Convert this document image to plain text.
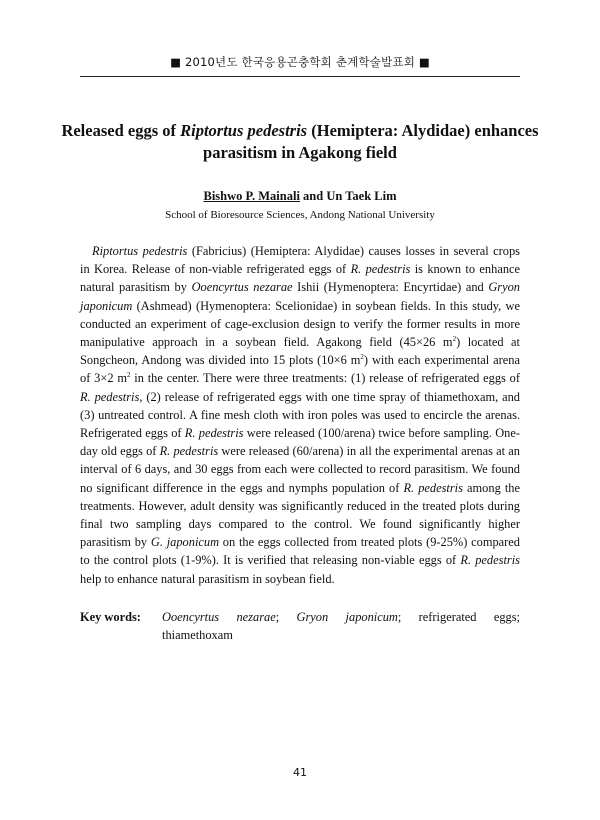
■ 2010년도 한국응용곤충학회 춘계학술발표회 ■
Released eggs of Riptortus pedestris (Hemiptera: Alydidae) enhances parasitism in Agakong field
Bishwo P. Mainali and Un Taek Lim
School of Bioresource Sciences, Andong National University

Riptortus pedestris (Fabricius) (Hemiptera: Alydidae) causes losses in several crops in Korea. Release of non-viable refrigerated eggs of R. pedestris is known to enhance natural parasitism by Ooencyrtus nezarae Ishii (Hymenoptera: Encyrtidae) and Gryon japonicum (Ashmead) (Hymenoptera: Scelionidae) in soybean fields. In this study, we conducted an experiment of cage-exclusion design to verify the former results in more manipulative approach in a soybean field. Agakong field (45×26 $m^2$) located at Songcheon, Andong was divided into 15 plots (10×6 $m^2$) with each experimental arena of 3×2 $m^2$ in the center. There were three treatments: (1) release of refrigerated eggs of R. pedestris, (2) release of refrigerated eggs with one time spray of thiamethoxam, and (3) untreated control. A fine mesh cloth with iron poles was used to encircle the arenas. Refrigerated eggs of R. pedestris were released (100/arena) twice before sampling. One-day old eggs of R. pedestris were released (60/arena) in all the experimental arenas at an interval of 6 days, and 30 eggs from each were collected to record parasitism. We found no significant difference in the eggs and nymphs population of R. pedestris among the treatments. However, adult density was significantly reduced in the treated plots during final two sampling days compared to the control. We found significantly higher parasitism by G. japonicum on the eggs collected from treated plots (9-25%) compared to the control plots (1-9%). It is verified that releasing non-viable eggs of R. pedestris help to enhance natural parasitism in soybean field.

Key words:	Ooencyrtus nezarae; Gryon japonicum; refrigerated eggs; thiamethoxam
41
